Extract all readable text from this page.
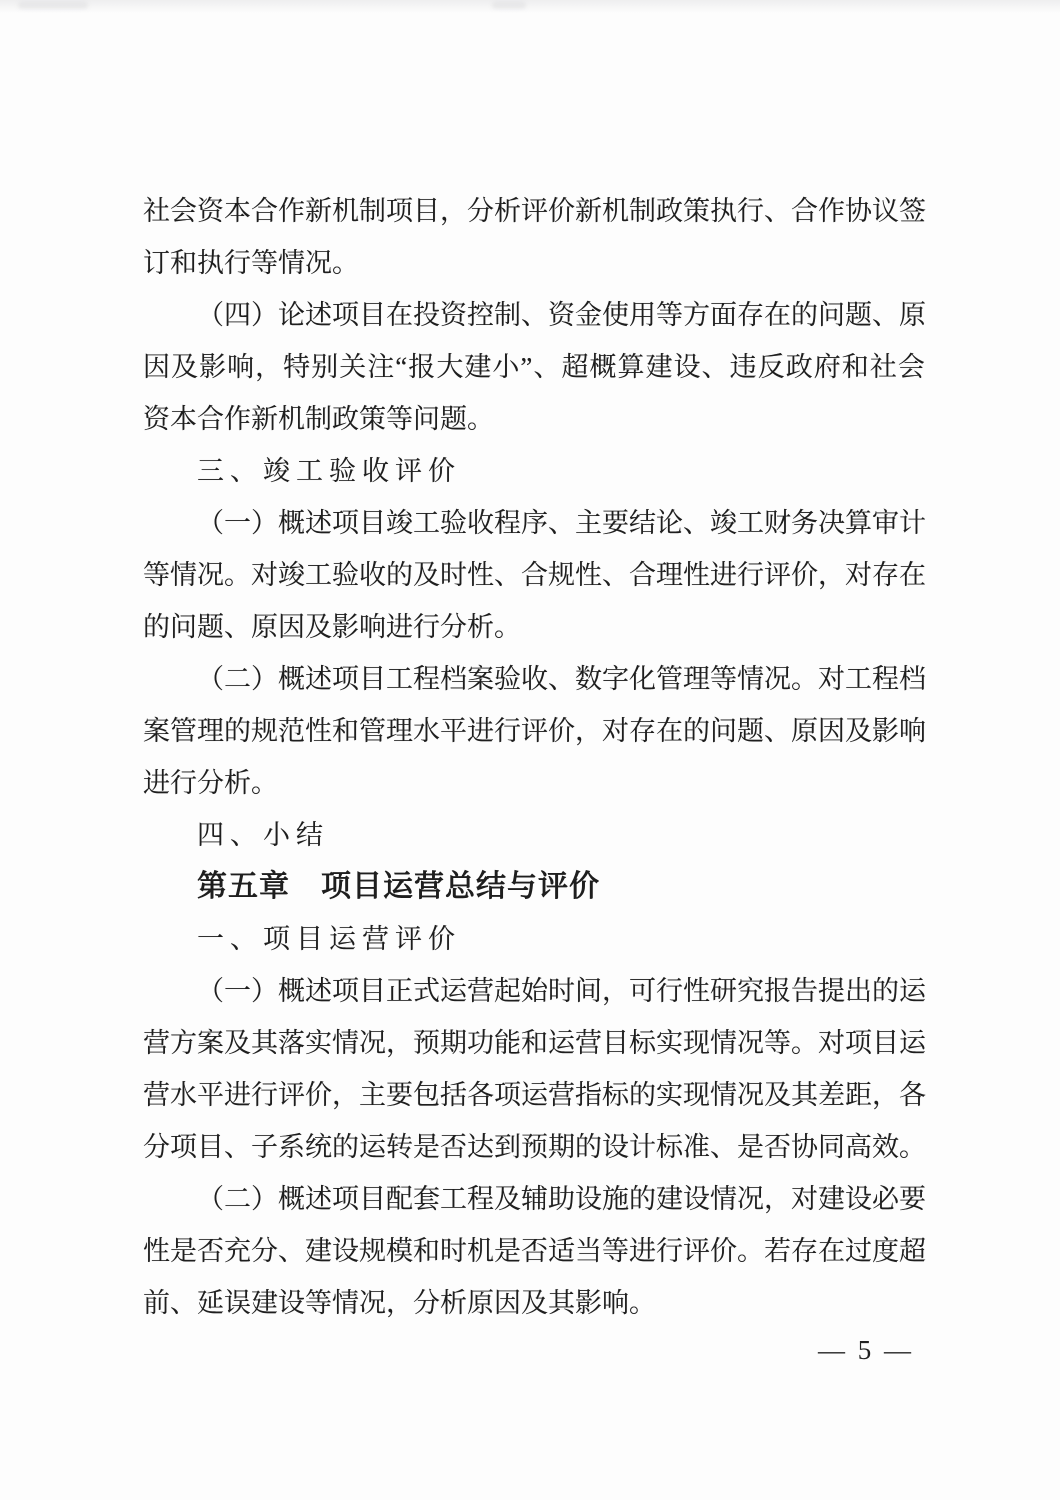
社 会 资 本 合 作 新 机 制 项 目 ， 分 析 评 价 新 机 制 政 策 执 行 、 合 作 协 议 签
订和执行等情况。
（ 四 ） 论 述 项 目 在 投 资 控 制 、 资 金 使 用 等 方 面 存 在 的 问 题 、 原
因 及 影 响 ， 特 别 关 注 “ 报 大 建 小 ” 、 超 概 算 建 设 、 违 反 政 府 和 社 会
资本合作新机制政策等问题。
三、竣工验收评价
（ 一 ） 概 述 项 目 竣 工 验 收 程 序 、 主 要 结 论 、 竣 工 财 务 决 算 审 计
等 情 况 。 对 竣 工 验 收 的 及 时 性 、 合 规 性 、 合 理 性 进 行 评 价 ， 对 存 在
的问题、原因及影响进行分析。
（ 二 ） 概 述 项 目 工 程 档 案 验 收 、 数 字 化 管 理 等 情 况 。 对 工 程 档
案 管 理 的 规 范 性 和 管 理 水 平 进 行 评 价 ， 对 存 在 的 问 题 、 原 因 及 影 响
进行分析。
四、小结
第五章　项目运营总结与评价
一、项目运营评价
（ 一 ） 概 述 项 目 正 式 运 营 起 始 时 间 ， 可 行 性 研 究 报 告 提 出 的 运
营 方 案 及 其 落 实 情 况 ， 预 期 功 能 和 运 营 目 标 实 现 情 况 等 。 对 项 目 运
营 水 平 进 行 评 价 ， 主 要 包 括 各 项 运 营 指 标 的 实 现 情 况 及 其 差 距 ， 各
分 项 目 、 子 系 统 的 运 转 是 否 达 到 预 期 的 设 计 标 准 、 是 否 协 同 高 效 。
（ 二 ） 概 述 项 目 配 套 工 程 及 辅 助 设 施 的 建 设 情 况 ， 对 建 设 必 要
性 是 否 充 分 、 建 设 规 模 和 时 机 是 否 适 当 等 进 行 评 价 。 若 存 在 过 度 超
前、延误建设等情况，分析原因及其影响。
— 5 —
